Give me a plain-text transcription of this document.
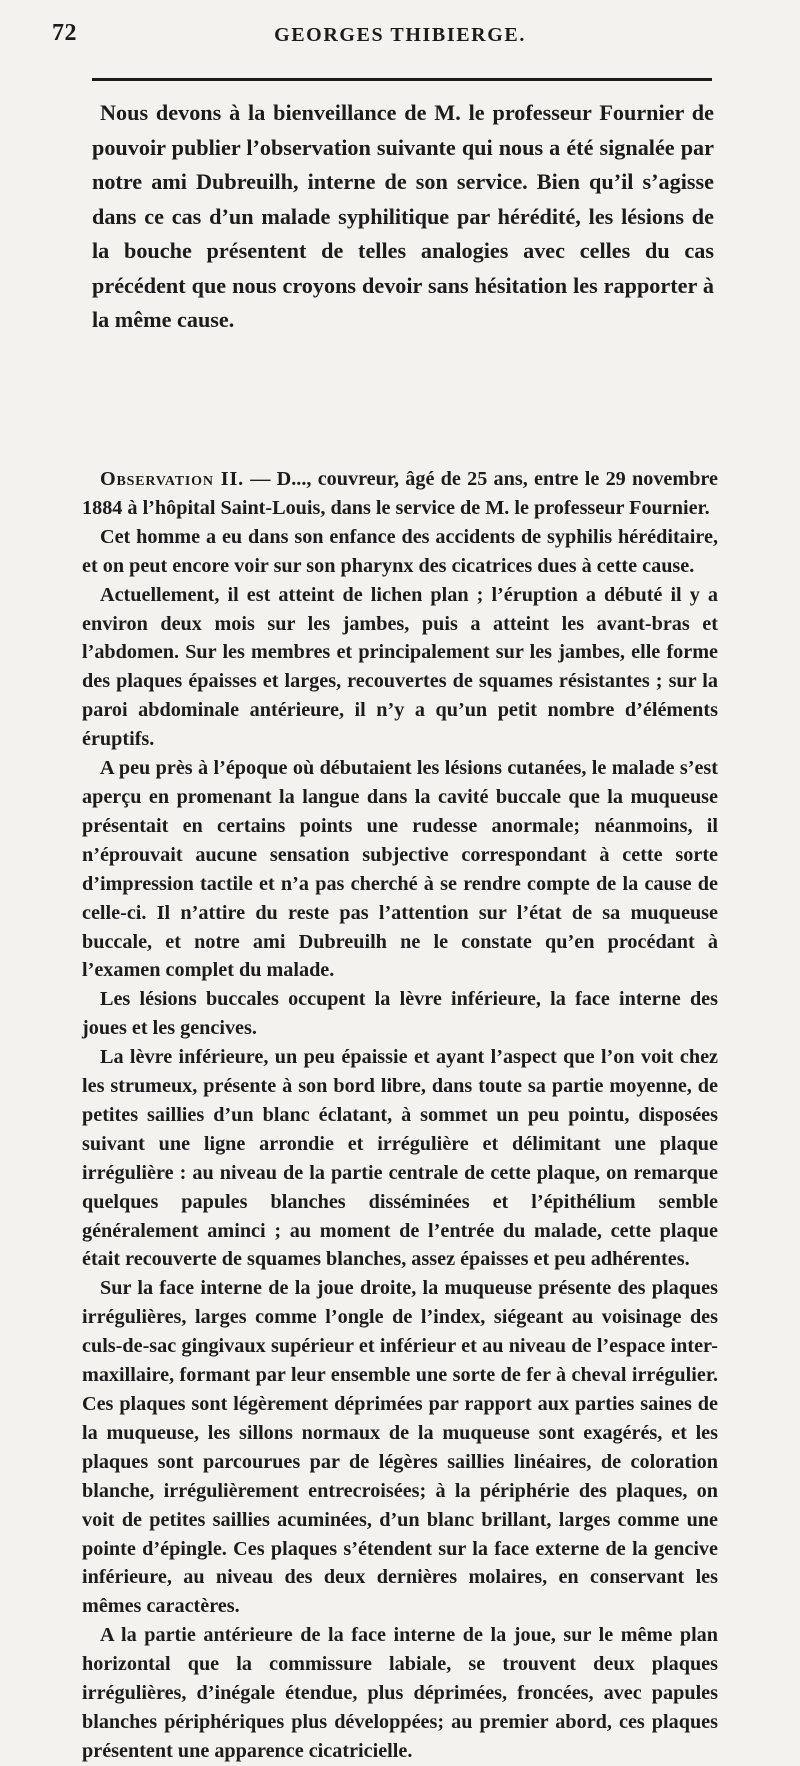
72	GEORGES THIBIERGE.

Nous devons à la bienveillance de M. le professeur Fournier de pouvoir publier l’observation suivante qui nous a été signalée par notre ami Dubreuilh, interne de son service. Bien qu’il s’agisse dans ce cas d’un malade syphilitique par hérédité, les lésions de la bouche présentent de telles analogies avec celles du cas précédent que nous croyons devoir sans hésitation les rapporter à la même cause.

Observation II. — D..., couvreur, âgé de 25 ans, entre le 29 novembre 1884 à l’hôpital Saint-Louis, dans le service de M. le professeur Fournier.

Cet homme a eu dans son enfance des accidents de syphilis héréditaire, et on peut encore voir sur son pharynx des cicatrices dues à cette cause.

Actuellement, il est atteint de lichen plan ; l’éruption a débuté il y a environ deux mois sur les jambes, puis a atteint les avant-bras et l’abdomen. Sur les membres et principalement sur les jambes, elle forme des plaques épaisses et larges, recouvertes de squames résistantes ; sur la paroi abdominale antérieure, il n’y a qu’un petit nombre d’éléments éruptifs.

A peu près à l’époque où débutaient les lésions cutanées, le malade s’est aperçu en promenant la langue dans la cavité buccale que la muqueuse présentait en certains points une rudesse anormale; néanmoins, il n’éprouvait aucune sensation subjective correspondant à cette sorte d’impression tactile et n’a pas cherché à se rendre compte de la cause de celle-ci. Il n’attire du reste pas l’attention sur l’état de sa muqueuse buccale, et notre ami Dubreuilh ne le constate qu’en procédant à l’examen complet du malade.

Les lésions buccales occupent la lèvre inférieure, la face interne des joues et les gencives.

La lèvre inférieure, un peu épaissie et ayant l’aspect que l’on voit chez les strumeux, présente à son bord libre, dans toute sa partie moyenne, de petites saillies d’un blanc éclatant, à sommet un peu pointu, disposées suivant une ligne arrondie et irrégulière et délimitant une plaque irrégulière : au niveau de la partie centrale de cette plaque, on remarque quelques papules blanches disséminées et l’épithélium semble généralement aminci ; au moment de l’entrée du malade, cette plaque était recouverte de squames blanches, assez épaisses et peu adhérentes.

Sur la face interne de la joue droite, la muqueuse présente des plaques irrégulières, larges comme l’ongle de l’index, siégeant au voisinage des culs-de-sac gingivaux supérieur et inférieur et au niveau de l’espace inter-maxillaire, formant par leur ensemble une sorte de fer à cheval irrégulier. Ces plaques sont légèrement déprimées par rapport aux parties saines de la muqueuse, les sillons normaux de la muqueuse sont exagérés, et les plaques sont parcourues par de légères saillies linéaires, de coloration blanche, irrégulièrement entrecroisées; à la périphérie des plaques, on voit de petites saillies acuminées, d’un blanc brillant, larges comme une pointe d’épingle. Ces plaques s’étendent sur la face externe de la gencive inférieure, au niveau des deux dernières molaires, en conservant les mêmes caractères.

A la partie antérieure de la face interne de la joue, sur le même plan horizontal que la commissure labiale, se trouvent deux plaques irrégulières, d’inégale étendue, plus déprimées, froncées, avec papules blanches périphériques plus développées; au premier abord, ces plaques présentent une apparence cicatricielle.
